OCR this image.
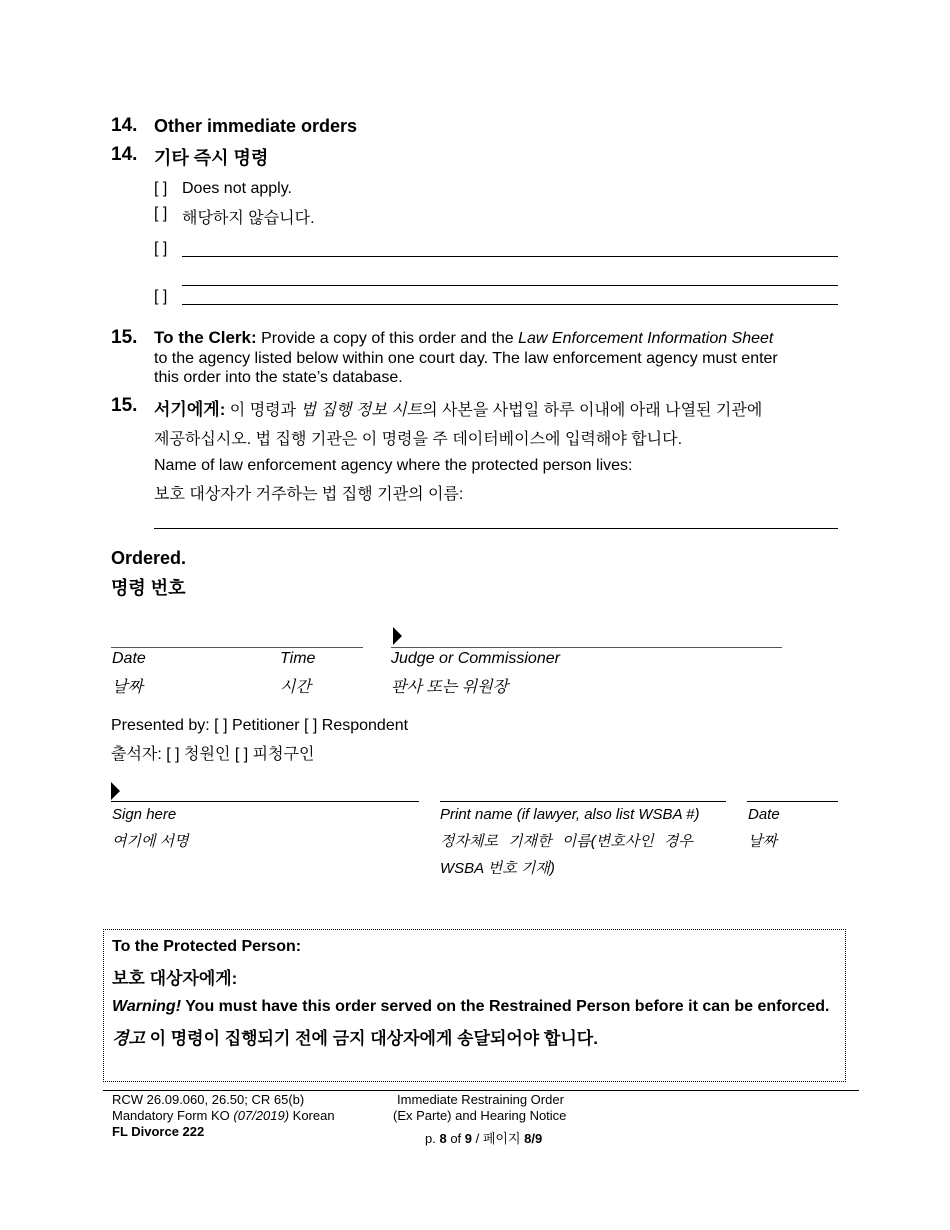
14. Other immediate orders
14. 기타 즉시 명령
[ ] Does not apply.
[ ] 해당하지 않습니다.
[ ]
[ ]
15. To the Clerk: Provide a copy of this order and the Law Enforcement Information Sheet
to the agency listed below within one court day. The law enforcement agency must enter
this order into the state’s database.
15. 서기에게: 이 명령과 법 집행 정보 시트의 사본을 사법일 하루 이내에 아래 나열된 기관에
제공하십시오. 법 집행 기관은 이 명령을 주 데이터베이스에 입력해야 합니다.
Name of law enforcement agency where the protected person lives:
보호 대상자가 거주하는 법 집행 기관의 이름:
Ordered.
명령 번호
Date	Time	Judge or Commissioner
날짜	시간	판사 또는 위원장
Presented by: [ ] Petitioner [ ] Respondent
출석자: [ ] 청원인 [ ] 피청구인
Sign here
여기에 서명
Print name (if lawyer, also list WSBA #)
정자체로 기재한 이름(변호사인 경우
WSBA 번호 기재)
Date
날짜
To the Protected Person:
보호 대상자에게:
Warning! You must have this order served on the Restrained Person before it can be enforced.
경고 이 명령이 집행되기 전에 금지 대상자에게 송달되어야 합니다.
RCW 26.09.060, 26.50; CR 65(b)
Mandatory Form KO (07/2019) Korean
FL Divorce 222
Immediate Restraining Order
(Ex Parte) and Hearing Notice
p. 8 of 9 / 페이지 8/9
